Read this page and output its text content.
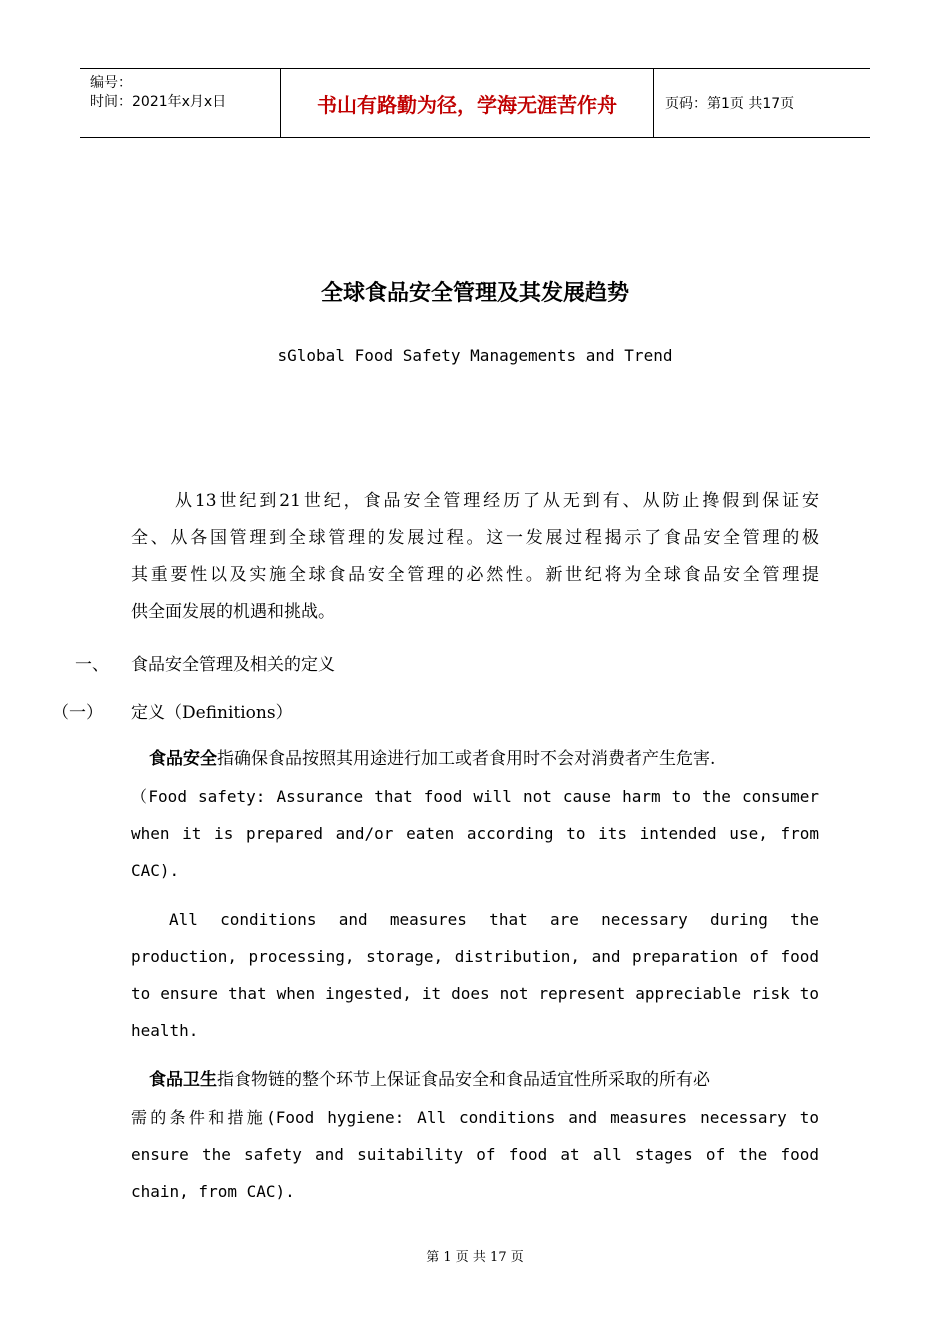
编号：
时间：2021年x月x日	书山有路勤为径，学海无涯苦作舟	页码：第1页 共17页
全球食品安全管理及其发展趋势
sGlobal Food Safety Managements and Trend
从13世纪到21世纪，食品安全管理经历了从无到有、从防止搀假到保证安
全、从各国管理到全球管理的发展过程。这一发展过程揭示了食品安全管理的极
其重要性以及实施全球食品安全管理的必然性。新世纪将为全球食品安全管理提
供全面发展的机遇和挑战。
一、 食品安全管理及相关的定义
（一） 定义（Definitions）
食品安全指确保食品按照其用途进行加工或者食用时不会对消费者产生危害.
（Food safety: Assurance that food will not cause harm to the consumer
when it is prepared and/or eaten according to its intended use, from
CAC).
All conditions and measures that are necessary during the
production, processing, storage, distribution, and preparation of food
to ensure that when ingested, it does not represent appreciable risk to
health.
食品卫生指食物链的整个环节上保证食品安全和食品适宜性所采取的所有必
需的条件和措施(Food hygiene: All conditions and measures necessary to
ensure the safety and suitability of food at all stages of the food
chain, from CAC).
第 1 页 共 17 页
